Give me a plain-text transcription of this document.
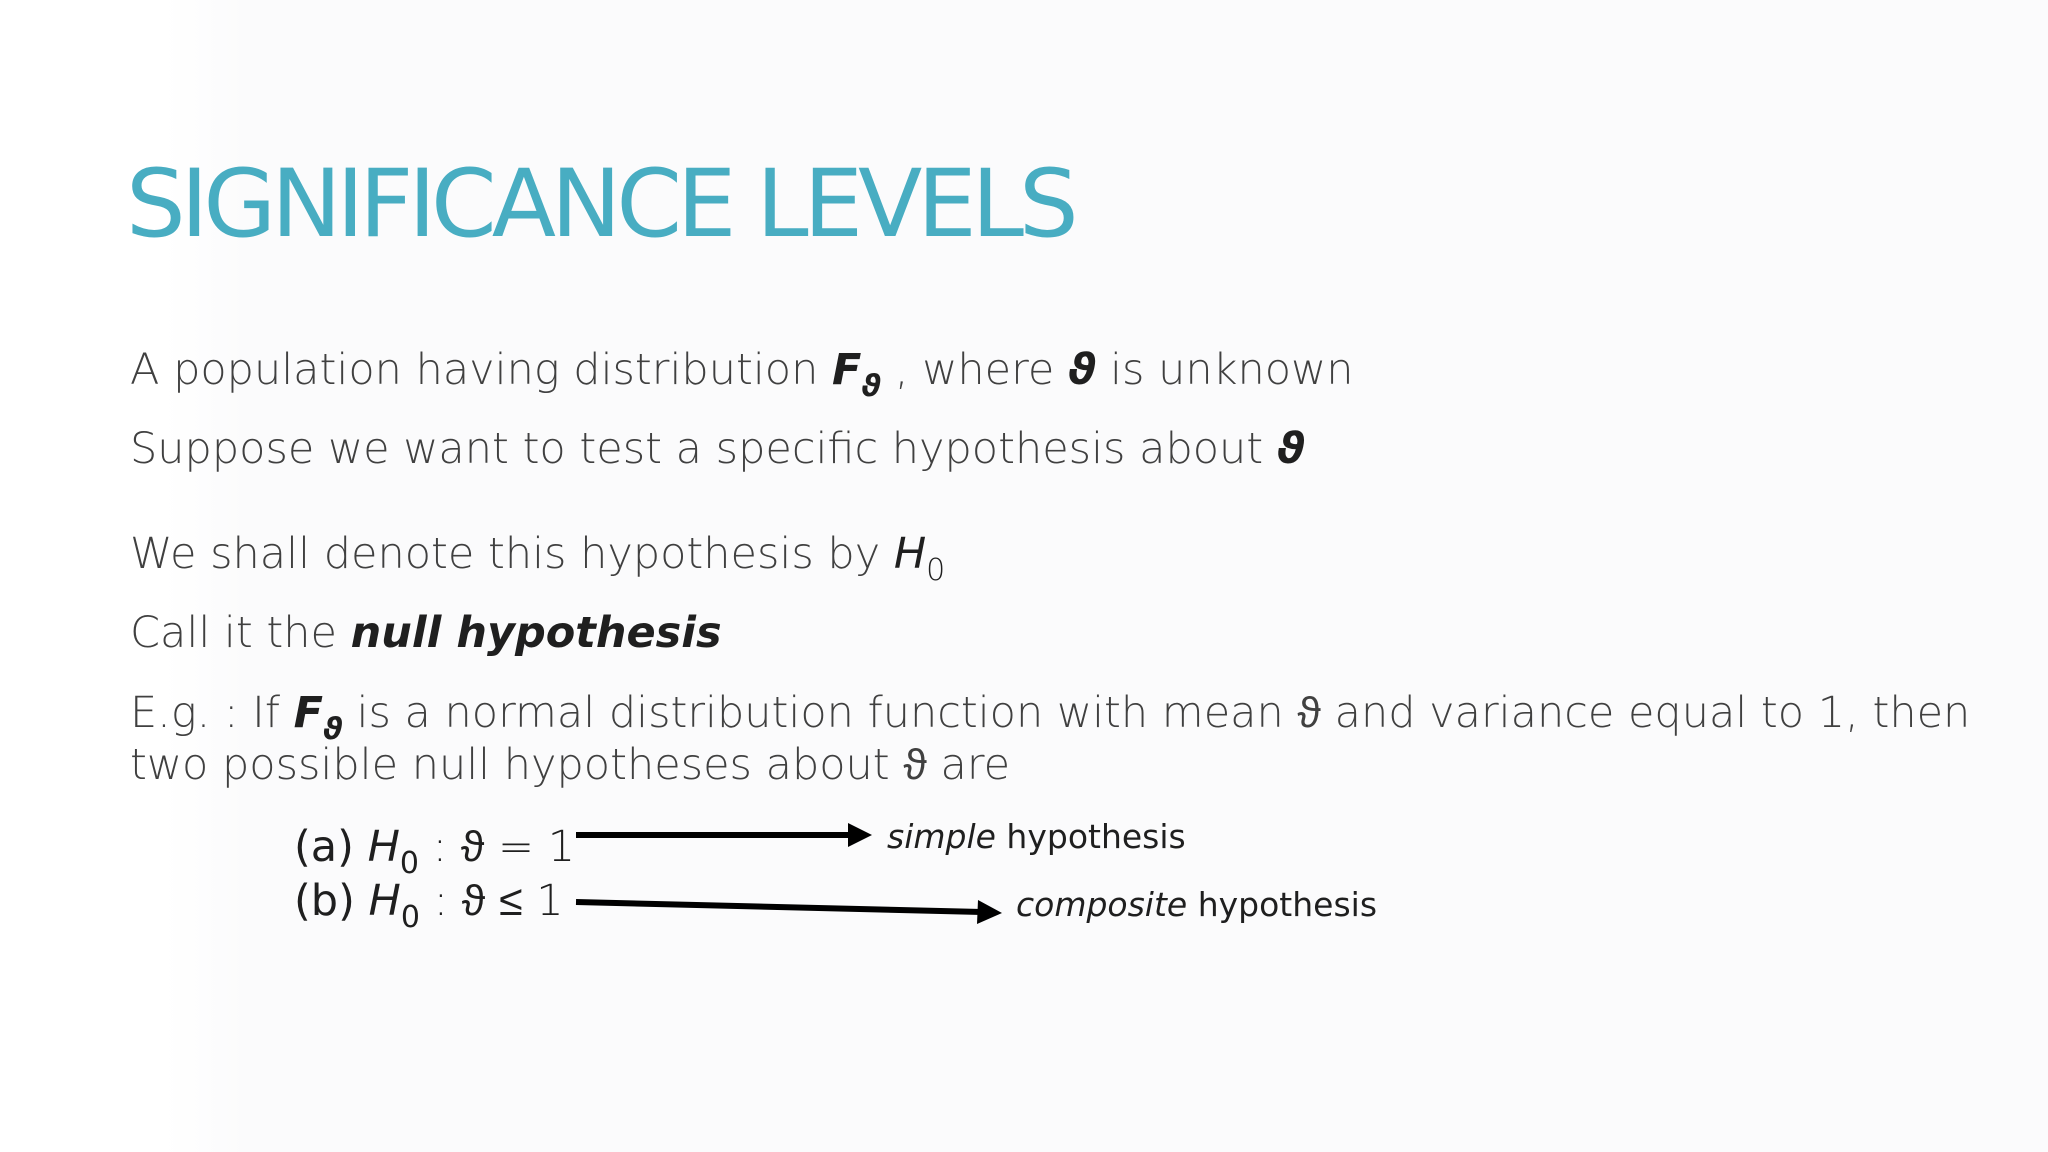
SIGNIFICANCE LEVELS
A population having distribution $F_ϑ$ , where ϑ is unknown
Suppose we want to test a specific hypothesis about ϑ
We shall denote this hypothesis by $H_0$
Call it the null hypothesis
E.g. : If $F_ϑ$ is a normal distribution function with mean ϑ and variance equal to 1, then
two possible null hypotheses about ϑ are
(a) $H_0$ : ϑ = 1
(b) $H_0$ : ϑ ≤ 1
simple hypothesis
composite hypothesis
